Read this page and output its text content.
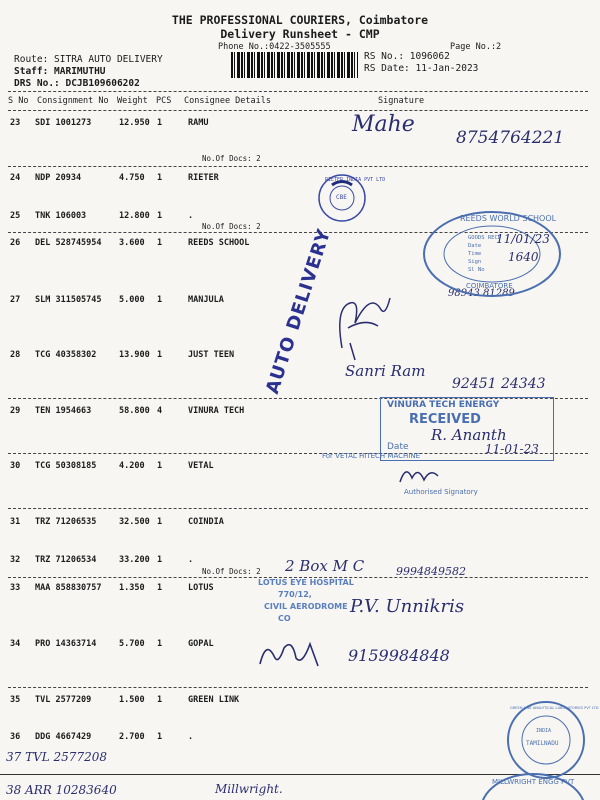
THE PROFESSIONAL COURIERS, Coimbatore
Delivery Runsheet - CMP
Phone No.:0422-3505555	Page No.:2
Route: SITRA AUTO DELIVERY
Staff: MARIMUTHU
DRS No.: DCJB109606202
RS No.: 1096062
RS Date: 11-Jan-2023
S No Consignment No Weight PCS Consignee Details	Signature
23 SDI 1001273	12.950 1	RAMU
No.Of Docs: 2
24 NDP 20934	4.750 1	RIETER
25 TNK 106003	12.800 1	.
No.Of Docs: 2
26 DEL 528745954 3.600 1	REEDS SCHOOL
27 SLM 311505745 5.000 1	MANJULA
28 TCG 40358302	13.900 1	JUST TEEN
29 TEN 1954663	58.800 4	VINURA TECH
30 TCG 50308185	4.200 1	VETAL
31 TRZ 71206535	32.500 1	COINDIA
32 TRZ 71206534	33.200 1	.
No.Of Docs: 2
33 MAA 858830757 1.350 1	LOTUS
34 PRO 14363714	5.700 1	GOPAL
35 TVL 2577209	1.500 1	GREEN LINK
36 DDG 4667429	2.700 1	.
Mahe
8754764221
98943 81289
Sanri Ram
92451 24343
2 Box M C	9994849582
P.V. Unnikris
9159984848
37 TVL 2577208
38 ARR 10283640	Millwright.
RIETER INDIA PVT LTD
CBE
REEDS WORLD SCHOOL
COIMBATORE
GOODS RECD
Date
Time
Sign
Sl No
11/01/23
1640
AUTO DELIVERY
VINURA TECH ENERGY
RECEIVED
Date
R. Ananth
11-01-23
For VETAL HITECH MACHINE
Authorised Signatory
LOTUS EYE HOSPITAL
770/12,
CIVIL AERODROME
CO
GREEN LINE ANALYTICAL LABORATORIES PVT LTD
INDIA
TAMILNADU
MILLWRIGHT ENGG PVT
